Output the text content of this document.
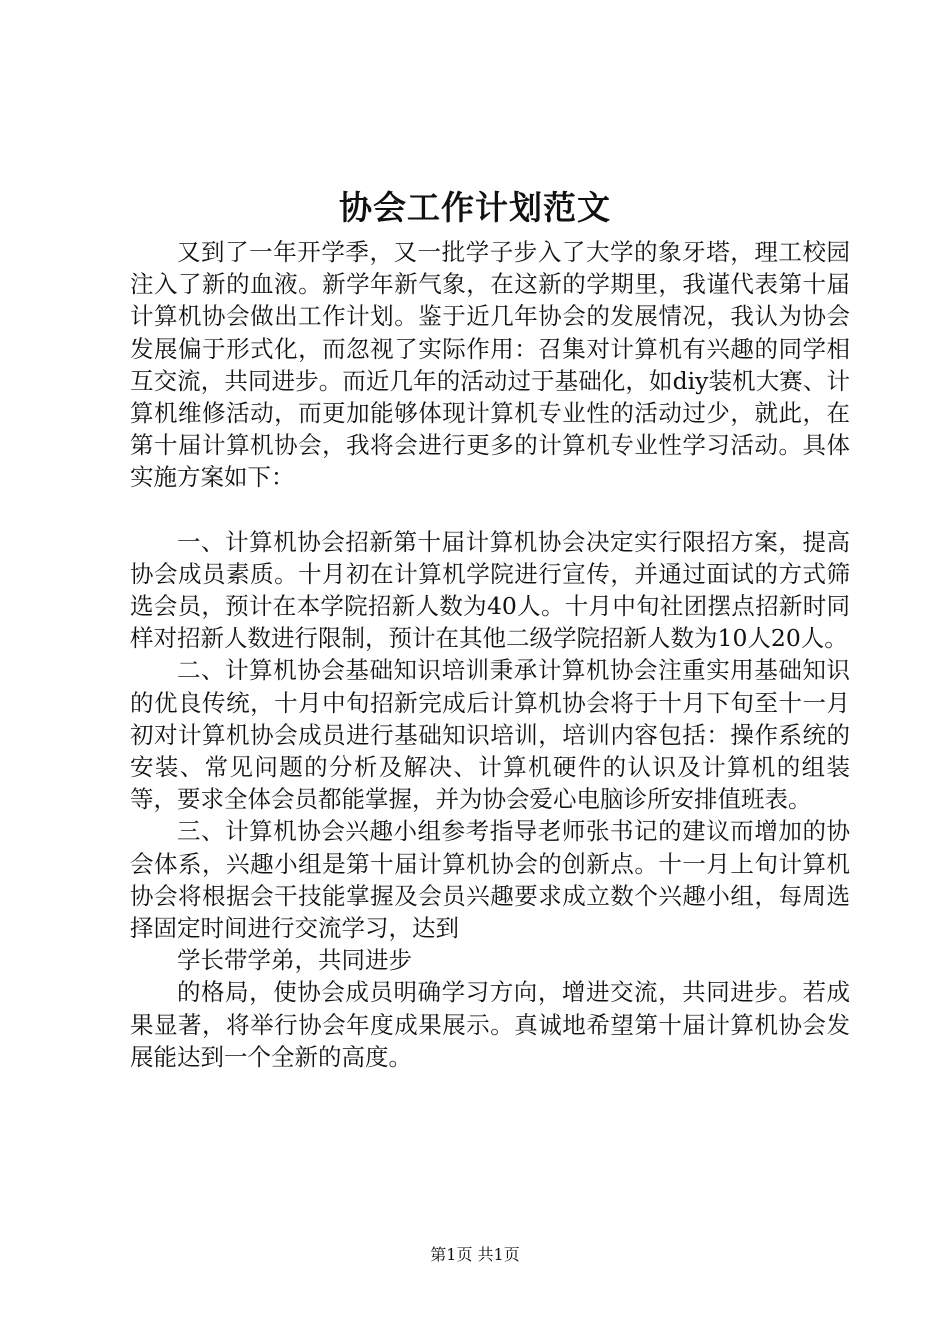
协会工作计划范文

又到了一年开学季，又一批学子步入了大学的象牙塔，理工校园注入了新的血液。新学年新气象，在这新的学期里，我谨代表第十届计算机协会做出工作计划。鉴于近几年协会的发展情况，我认为协会发展偏于形式化，而忽视了实际作用：召集对计算机有兴趣的同学相互交流，共同进步。而近几年的活动过于基础化，如diy装机大赛、计算机维修活动，而更加能够体现计算机专业性的活动过少，就此，在第十届计算机协会，我将会进行更多的计算机专业性学习活动。具体实施方案如下：

一、计算机协会招新第十届计算机协会决定实行限招方案，提高协会成员素质。十月初在计算机学院进行宣传，并通过面试的方式筛选会员，预计在本学院招新人数为40人。十月中旬社团摆点招新时同样对招新人数进行限制，预计在其他二级学院招新人数为10人20人。

二、计算机协会基础知识培训秉承计算机协会注重实用基础知识的优良传统，十月中旬招新完成后计算机协会将于十月下旬至十一月初对计算机协会成员进行基础知识培训，培训内容包括：操作系统的安装、常见问题的分析及解决、计算机硬件的认识及计算机的组装等，要求全体会员都能掌握，并为协会爱心电脑诊所安排值班表。

三、计算机协会兴趣小组参考指导老师张书记的建议而增加的协会体系，兴趣小组是第十届计算机协会的创新点。十一月上旬计算机协会将根据会干技能掌握及会员兴趣要求成立数个兴趣小组，每周选择固定时间进行交流学习，达到

学长带学弟，共同进步

的格局，使协会成员明确学习方向，增进交流，共同进步。若成果显著，将举行协会年度成果展示。真诚地希望第十届计算机协会发展能达到一个全新的高度。

第1页 共1页
